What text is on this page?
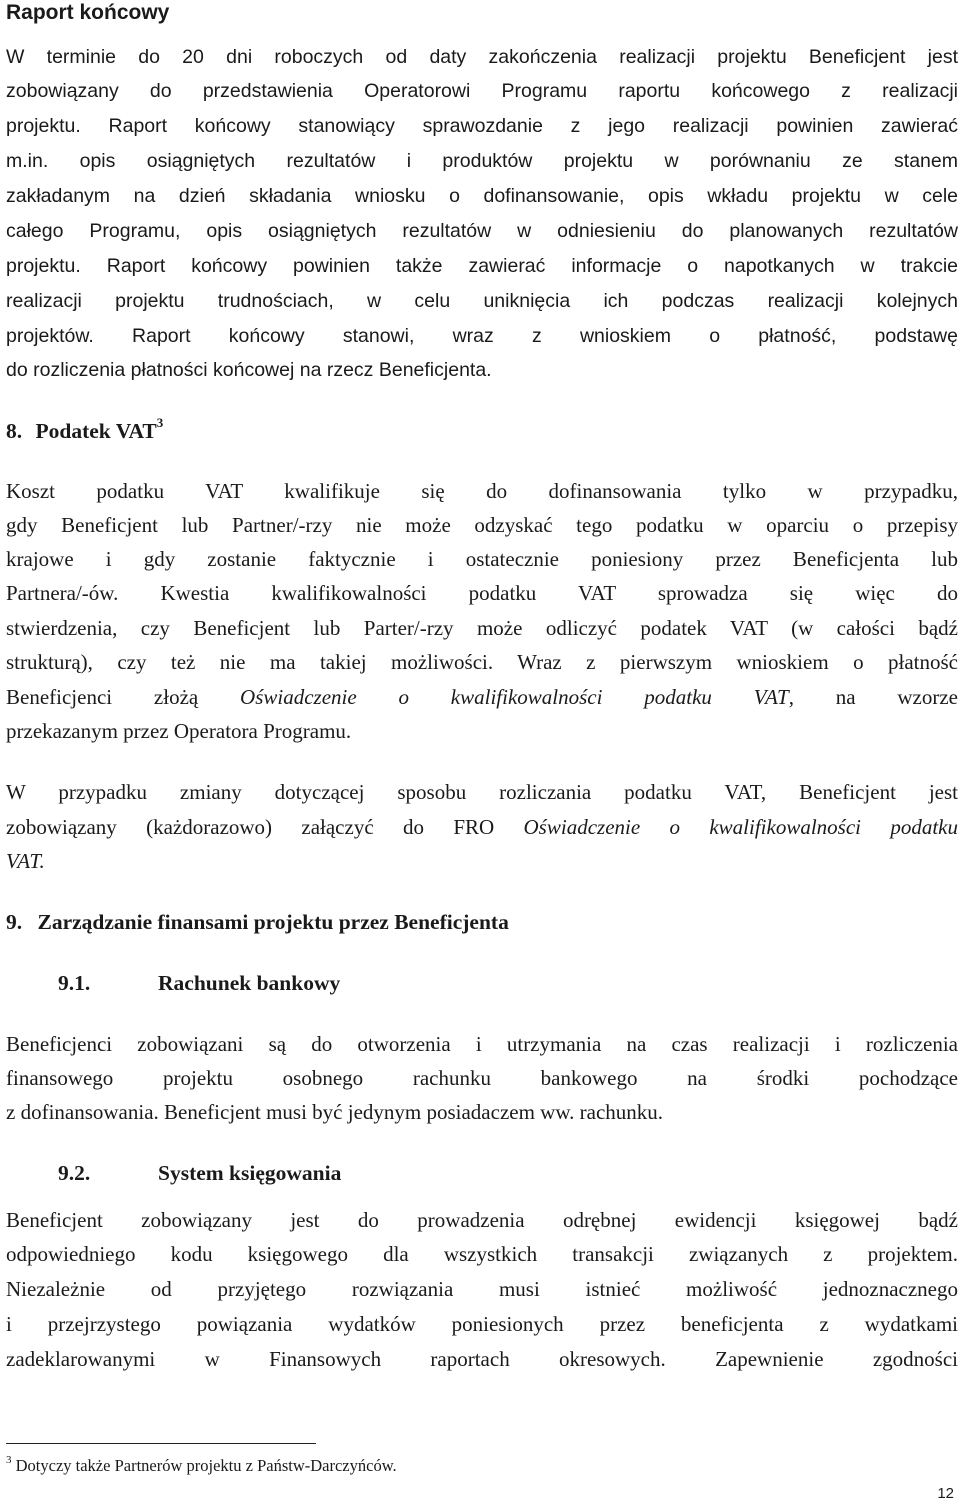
Raport końcowy
W terminie do 20 dni roboczych od daty zakończenia realizacji projektu Beneficjent jest
zobowiązany do przedstawienia Operatorowi Programu raportu końcowego z realizacji
projektu. Raport końcowy stanowiący sprawozdanie z jego realizacji powinien zawierać
m.in. opis osiągniętych rezultatów i produktów projektu w porównaniu ze stanem
zakładanym na dzień składania wniosku o dofinansowanie, opis wkładu projektu w cele
całego Programu, opis osiągniętych rezultatów w odniesieniu do planowanych rezultatów
projektu. Raport końcowy powinien także zawierać informacje o napotkanych w trakcie
realizacji projektu trudnościach, w celu uniknięcia ich podczas realizacji kolejnych
projektów. Raport końcowy stanowi, wraz z wnioskiem o płatność, podstawę
do rozliczenia płatności końcowej na rzecz Beneficjenta.
8. Podatek VAT$^3$
Koszt podatku VAT kwalifikuje się do dofinansowania tylko w przypadku,
gdy Beneficjent lub Partner/-rzy nie może odzyskać tego podatku w oparciu o przepisy
krajowe i gdy zostanie faktycznie i ostatecznie poniesiony przez Beneficjenta lub
Partnera/-ów. Kwestia kwalifikowalności podatku VAT sprowadza się więc do
stwierdzenia, czy Beneficjent lub Parter/-rzy może odliczyć podatek VAT (w całości bądź
strukturą), czy też nie ma takiej możliwości. Wraz z pierwszym wnioskiem o płatność
Beneficjenci złożą Oświadczenie o kwalifikowalności podatku VAT, na wzorze
przekazanym przez Operatora Programu.
W przypadku zmiany dotyczącej sposobu rozliczania podatku VAT, Beneficjent jest
zobowiązany (każdorazowo) załączyć do FRO Oświadczenie o kwalifikowalności podatku
VAT.
9. Zarządzanie finansami projektu przez Beneficjenta
9.1.	Rachunek bankowy
Beneficjenci zobowiązani są do otworzenia i utrzymania na czas realizacji i rozliczenia
finansowego projektu osobnego rachunku bankowego na środki pochodzące
z dofinansowania. Beneficjent musi być jedynym posiadaczem ww. rachunku.
9.2.	System księgowania
Beneficjent zobowiązany jest do prowadzenia odrębnej ewidencji księgowej bądź
odpowiedniego kodu księgowego dla wszystkich transakcji związanych z projektem.
Niezależnie od przyjętego rozwiązania musi istnieć możliwość jednoznacznego
i przejrzystego powiązania wydatków poniesionych przez beneficjenta z wydatkami
zadeklarowanymi w Finansowych raportach okresowych. Zapewnienie zgodności
$^3$ Dotyczy także Partnerów projektu z Państw-Darczyńców.
12
